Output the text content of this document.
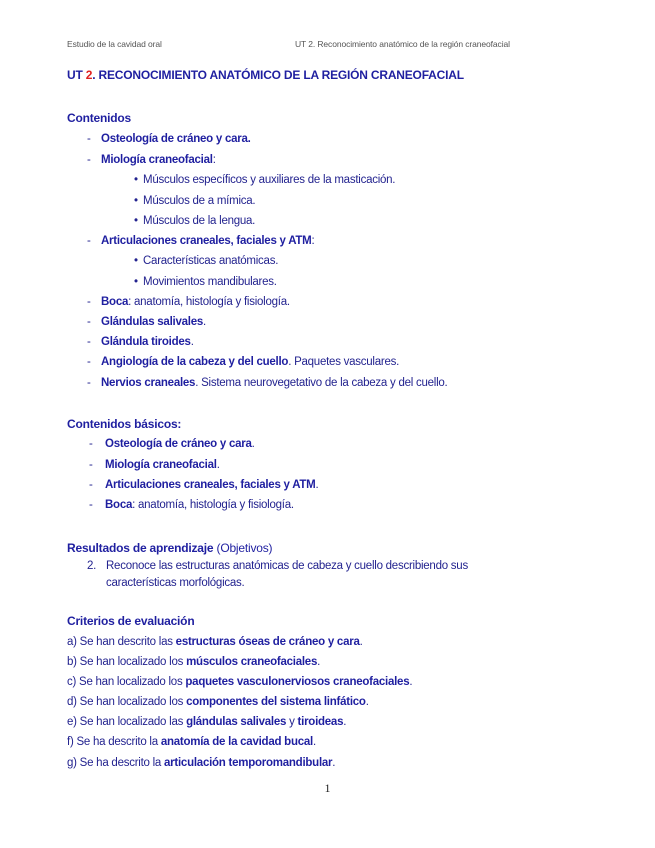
Estudio de la cavidad oral	UT 2. Reconocimiento anatómico de la región craneofacial
UT 2. RECONOCIMIENTO ANATÓMICO DE LA REGIÓN CRANEOFACIAL
Contenidos
- Osteología de cráneo y cara.
- Miología craneofacial:
• Músculos específicos y auxiliares de la masticación.
• Músculos de a mímica.
• Músculos de la lengua.
- Articulaciones craneales, faciales y ATM:
• Características anatómicas.
• Movimientos mandibulares.
- Boca: anatomía, histología y fisiología.
- Glándulas salivales.
- Glándula tiroides.
- Angiología de la cabeza y del cuello. Paquetes vasculares.
- Nervios craneales. Sistema neurovegetativo de la cabeza y del cuello.
Contenidos básicos:
- Osteología de cráneo y cara.
- Miología craneofacial.
- Articulaciones craneales, faciales y ATM.
- Boca: anatomía, histología y fisiología.
Resultados de aprendizaje (Objetivos)
2. Reconoce las estructuras anatómicas de cabeza y cuello describiendo sus
características morfológicas.
Criterios de evaluación
a) Se han descrito las estructuras óseas de cráneo y cara.
b) Se han localizado los músculos craneofaciales.
c) Se han localizado los paquetes vasculonerviosos craneofaciales.
d) Se han localizado los componentes del sistema linfático.
e) Se han localizado las glándulas salivales y tiroideas.
f) Se ha descrito la anatomía de la cavidad bucal.
g) Se ha descrito la articulación temporomandibular.
1
